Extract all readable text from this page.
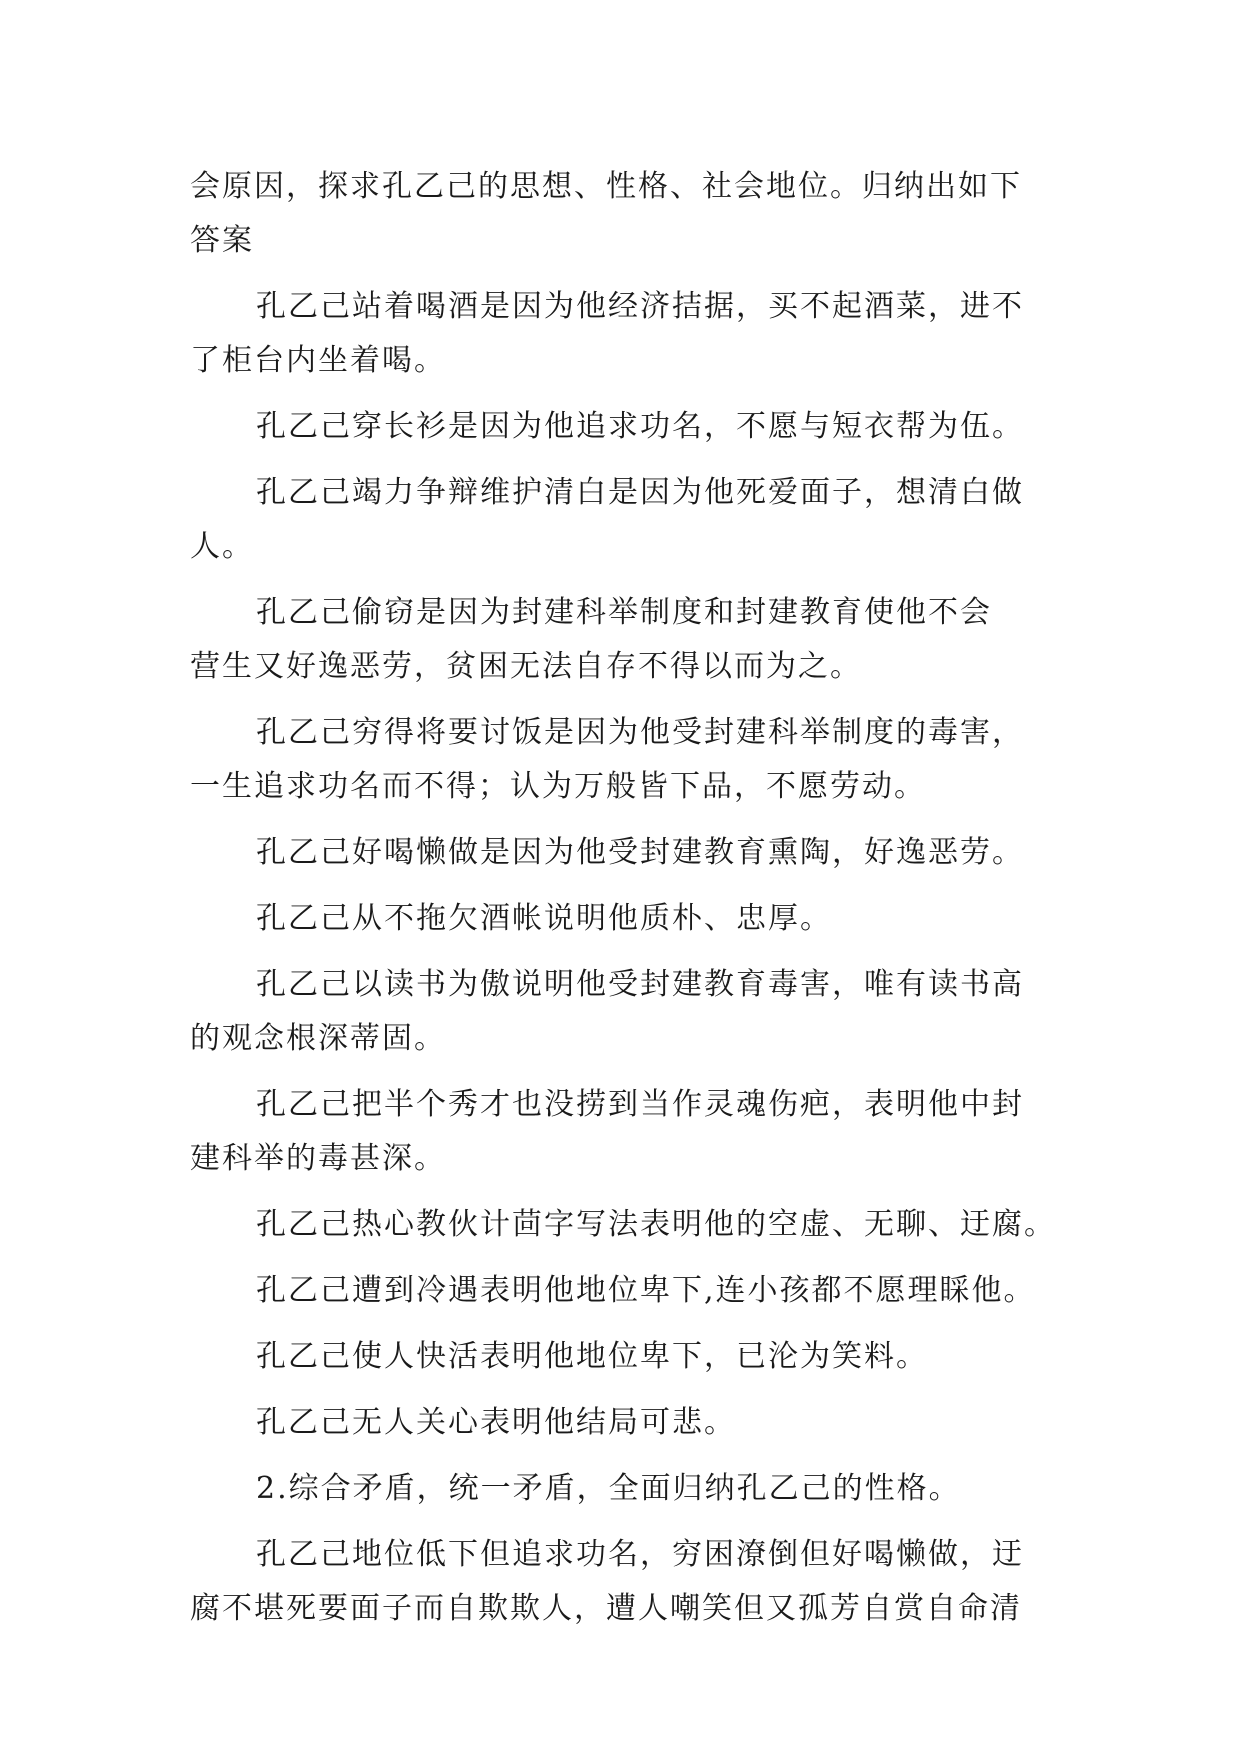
会原因，探求孔乙己的思想、性格、社会地位。归纳出如下
答案
孔乙己站着喝酒是因为他经济拮据，买不起酒菜，进不
了柜台内坐着喝。
孔乙己穿长衫是因为他追求功名，不愿与短衣帮为伍。
孔乙己竭力争辩维护清白是因为他死爱面子，想清白做
人。
孔乙己偷窃是因为封建科举制度和封建教育使他不会
营生又好逸恶劳，贫困无法自存不得以而为之。
孔乙己穷得将要讨饭是因为他受封建科举制度的毒害，
一生追求功名而不得；认为万般皆下品，不愿劳动。
孔乙己好喝懒做是因为他受封建教育熏陶，好逸恶劳。
孔乙己从不拖欠酒帐说明他质朴、忠厚。
孔乙己以读书为傲说明他受封建教育毒害，唯有读书高
的观念根深蒂固。
孔乙己把半个秀才也没捞到当作灵魂伤疤，表明他中封
建科举的毒甚深。
孔乙己热心教伙计茴字写法表明他的空虚、无聊、迂腐。
孔乙己遭到冷遇表明他地位卑下,连小孩都不愿理睬他。
孔乙己使人快活表明他地位卑下，已沦为笑料。
孔乙己无人关心表明他结局可悲。
2.综合矛盾，统一矛盾，全面归纳孔乙己的性格。
孔乙己地位低下但追求功名，穷困潦倒但好喝懒做，迂
腐不堪死要面子而自欺欺人，遭人嘲笑但又孤芳自赏自命清
